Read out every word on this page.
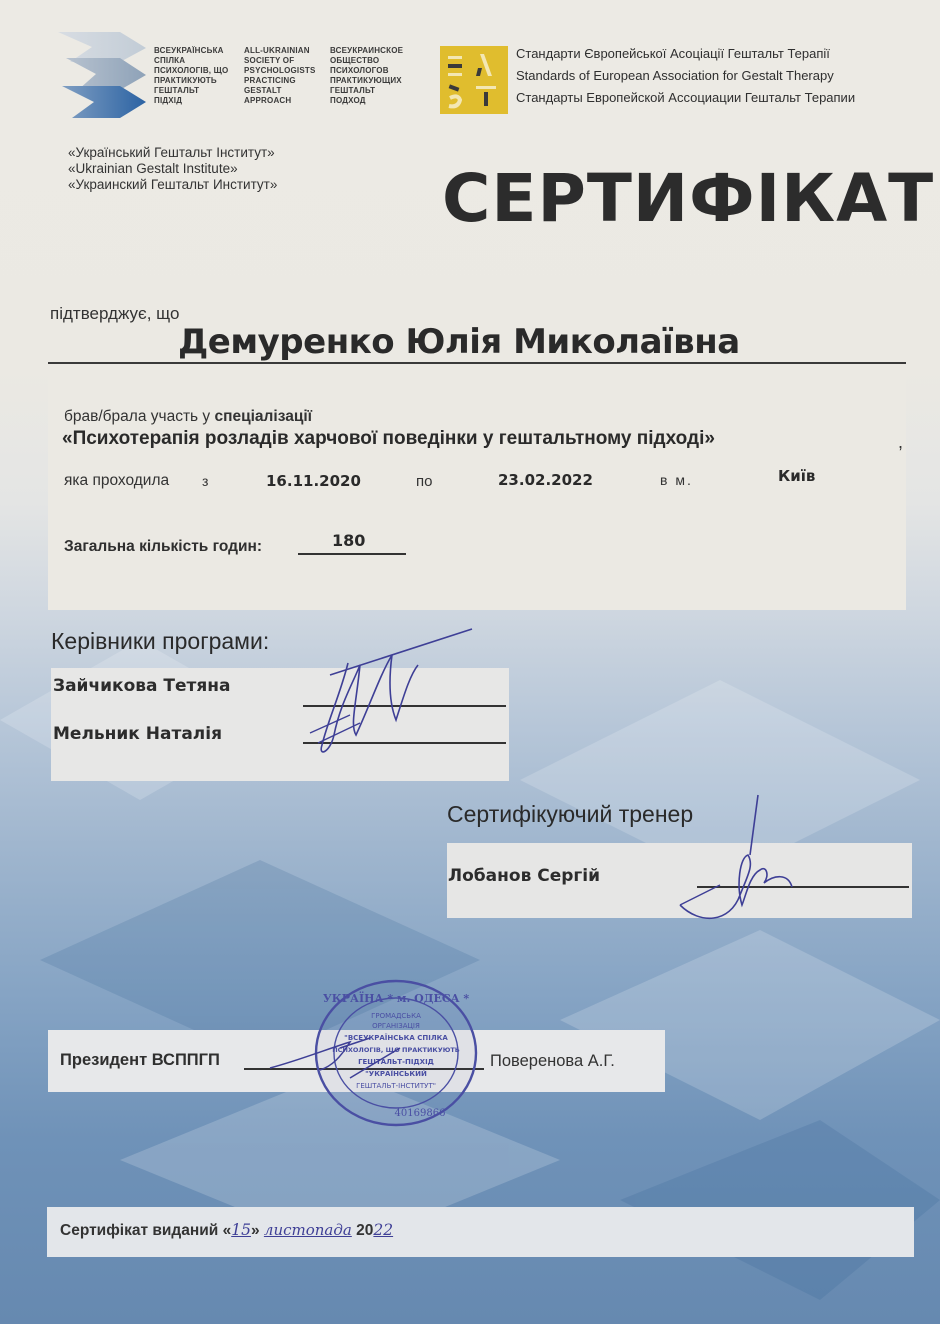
ВСЕУКРАЇНСЬКА
СПІЛКА
ПСИХОЛОГІВ, ЩО
ПРАКТИКУЮТЬ
ГЕШТАЛЬТ
ПІДХІД
ALL-UKRAINIAN
SOCIETY OF
PSYCHOLOGISTS
PRACTICING
GESTALT
APPROACH
ВСЕУКРАИНСКОЕ
ОБЩЕСТВО
ПСИХОЛОГОВ
ПРАКТИКУЮЩИХ
ГЕШТАЛЬТ
ПОДХОД
«Український Гештальт Інститут»
«Ukrainian Gestalt Institute»
«Украинский Гештальт Институт»
Стандарти Європейської Асоціації Гештальт Терапії
Standards of European Association for Gestalt Therapy
Стандарты Европейской Ассоциации Гештальт Терапии
СЕРТИФІКАТ
підтверджує, що
Демуренко Юлія Миколаївна
брав/брала участь у спеціалізації
«Психотерапія розладів харчової поведінки у гештальтному підході»	,
яка проходила з	16.11.2020	по	23.02.2022	в м.	Київ
Загальна кількість годин:	180
Керівники програми:
Зайчикова Тетяна
Мельник Наталія
Сертифікуючий тренер
Лобанов Сергій
Президент ВСППГП	Поверенова А.Г.
УКРАЇНА * м. ОДЕСА *
ГРОМАДСЬКА
ОРГАНІЗАЦІЯ
"ВСЕУКРАЇНСЬКА СПІЛКА
ПСИХОЛОГІВ, ЩО ПРАКТИКУЮТЬ
ГЕШТАЛЬТ-ПІДХІД
"УКРАЇНСЬКИЙ
ГЕШТАЛЬТ-ІНСТИТУТ"
40169866
Сертифікат виданий «15» листопада 2022
